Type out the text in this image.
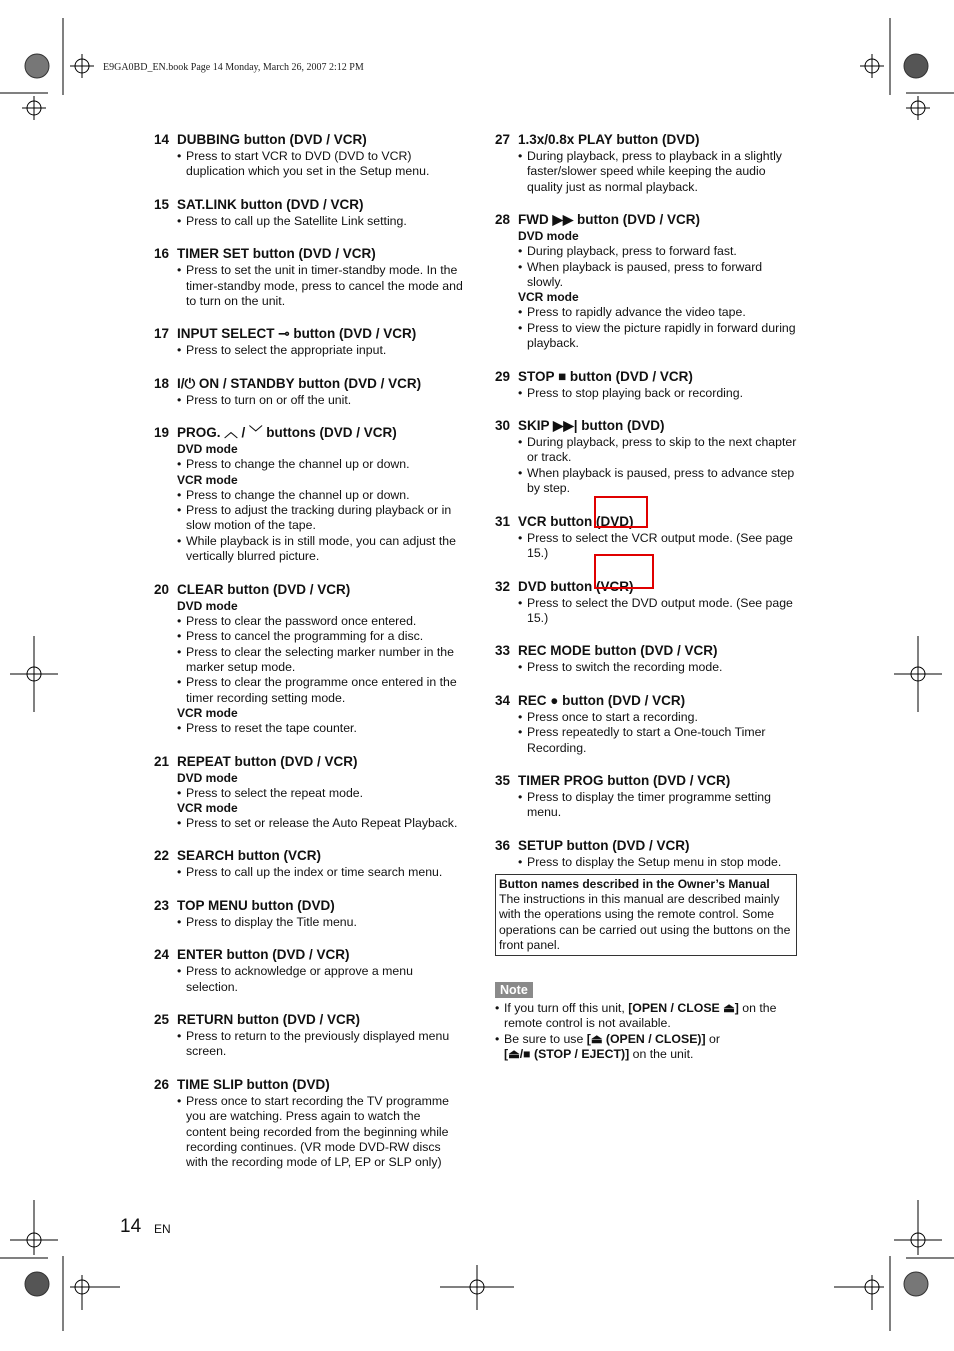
E9GA0BD_EN.book Page 14 Monday, March 26, 2007 2:12 PM
14 DUBBING button (DVD / VCR)
• Press to start VCR to DVD (DVD to VCR) duplication which you set in the Setup menu.
15 SAT.LINK button (DVD / VCR)
• Press to call up the Satellite Link setting.
16 TIMER SET button (DVD / VCR)
• Press to set the unit in timer-standby mode. In the timer-standby mode, press to cancel the mode and to turn on the unit.
17 INPUT SELECT ⊸ button (DVD / VCR)
• Press to select the appropriate input.
18 I/⏻ ON / STANDBY button (DVD / VCR)
• Press to turn on or off the unit.
19 PROG. ︿ / ﹀ buttons (DVD / VCR)
DVD mode
• Press to change the channel up or down.
VCR mode
• Press to change the channel up or down.
• Press to adjust the tracking during playback or in slow motion of the tape.
• While playback is in still mode, you can adjust the vertically blurred picture.
20 CLEAR button (DVD / VCR)
DVD mode
• Press to clear the password once entered.
• Press to cancel the programming for a disc.
• Press to clear the selecting marker number in the marker setup mode.
• Press to clear the programme once entered in the timer recording setting mode.
VCR mode
• Press to reset the tape counter.
21 REPEAT button (DVD / VCR)
DVD mode
• Press to select the repeat mode.
VCR mode
• Press to set or release the Auto Repeat Playback.
22 SEARCH button (VCR)
• Press to call up the index or time search menu.
23 TOP MENU button (DVD)
• Press to display the Title menu.
24 ENTER button (DVD / VCR)
• Press to acknowledge or approve a menu selection.
25 RETURN button (DVD / VCR)
• Press to return to the previously displayed menu screen.
26 TIME SLIP button (DVD)
• Press once to start recording the TV programme you are watching. Press again to watch the content being recorded from the beginning while recording continues. (VR mode DVD-RW discs with the recording mode of LP, EP or SLP only)
27 1.3x/0.8x PLAY button (DVD)
• During playback, press to playback in a slightly faster/slower speed while keeping the audio quality just as normal playback.
28 FWD ▶▶ button (DVD / VCR)
DVD mode
• During playback, press to forward fast.
• When playback is paused, press to forward slowly.
VCR mode
• Press to rapidly advance the video tape.
• Press to view the picture rapidly in forward during playback.
29 STOP ■ button (DVD / VCR)
• Press to stop playing back or recording.
30 SKIP ▶▶| button (DVD)
• During playback, press to skip to the next chapter or track.
• When playback is paused, press to advance step by step.
31 VCR button (DVD)
• Press to select the VCR output mode. (See page 15.)
32 DVD button (VCR)
• Press to select the DVD output mode. (See page 15.)
33 REC MODE button (DVD / VCR)
• Press to switch the recording mode.
34 REC ● button (DVD / VCR)
• Press once to start a recording.
• Press repeatedly to start a One-touch Timer Recording.
35 TIMER PROG button (DVD / VCR)
• Press to display the timer programme setting menu.
36 SETUP button (DVD / VCR)
• Press to display the Setup menu in stop mode.
Button names described in the Owner’s Manual
The instructions in this manual are described mainly with the operations using the remote control. Some operations can be carried out using the buttons on the front panel.
Note
• If you turn off this unit, [OPEN / CLOSE ⏏] on the remote control is not available.
• Be sure to use [⏏ (OPEN / CLOSE)] or
[⏏/■ (STOP / EJECT)] on the unit.
14 EN
